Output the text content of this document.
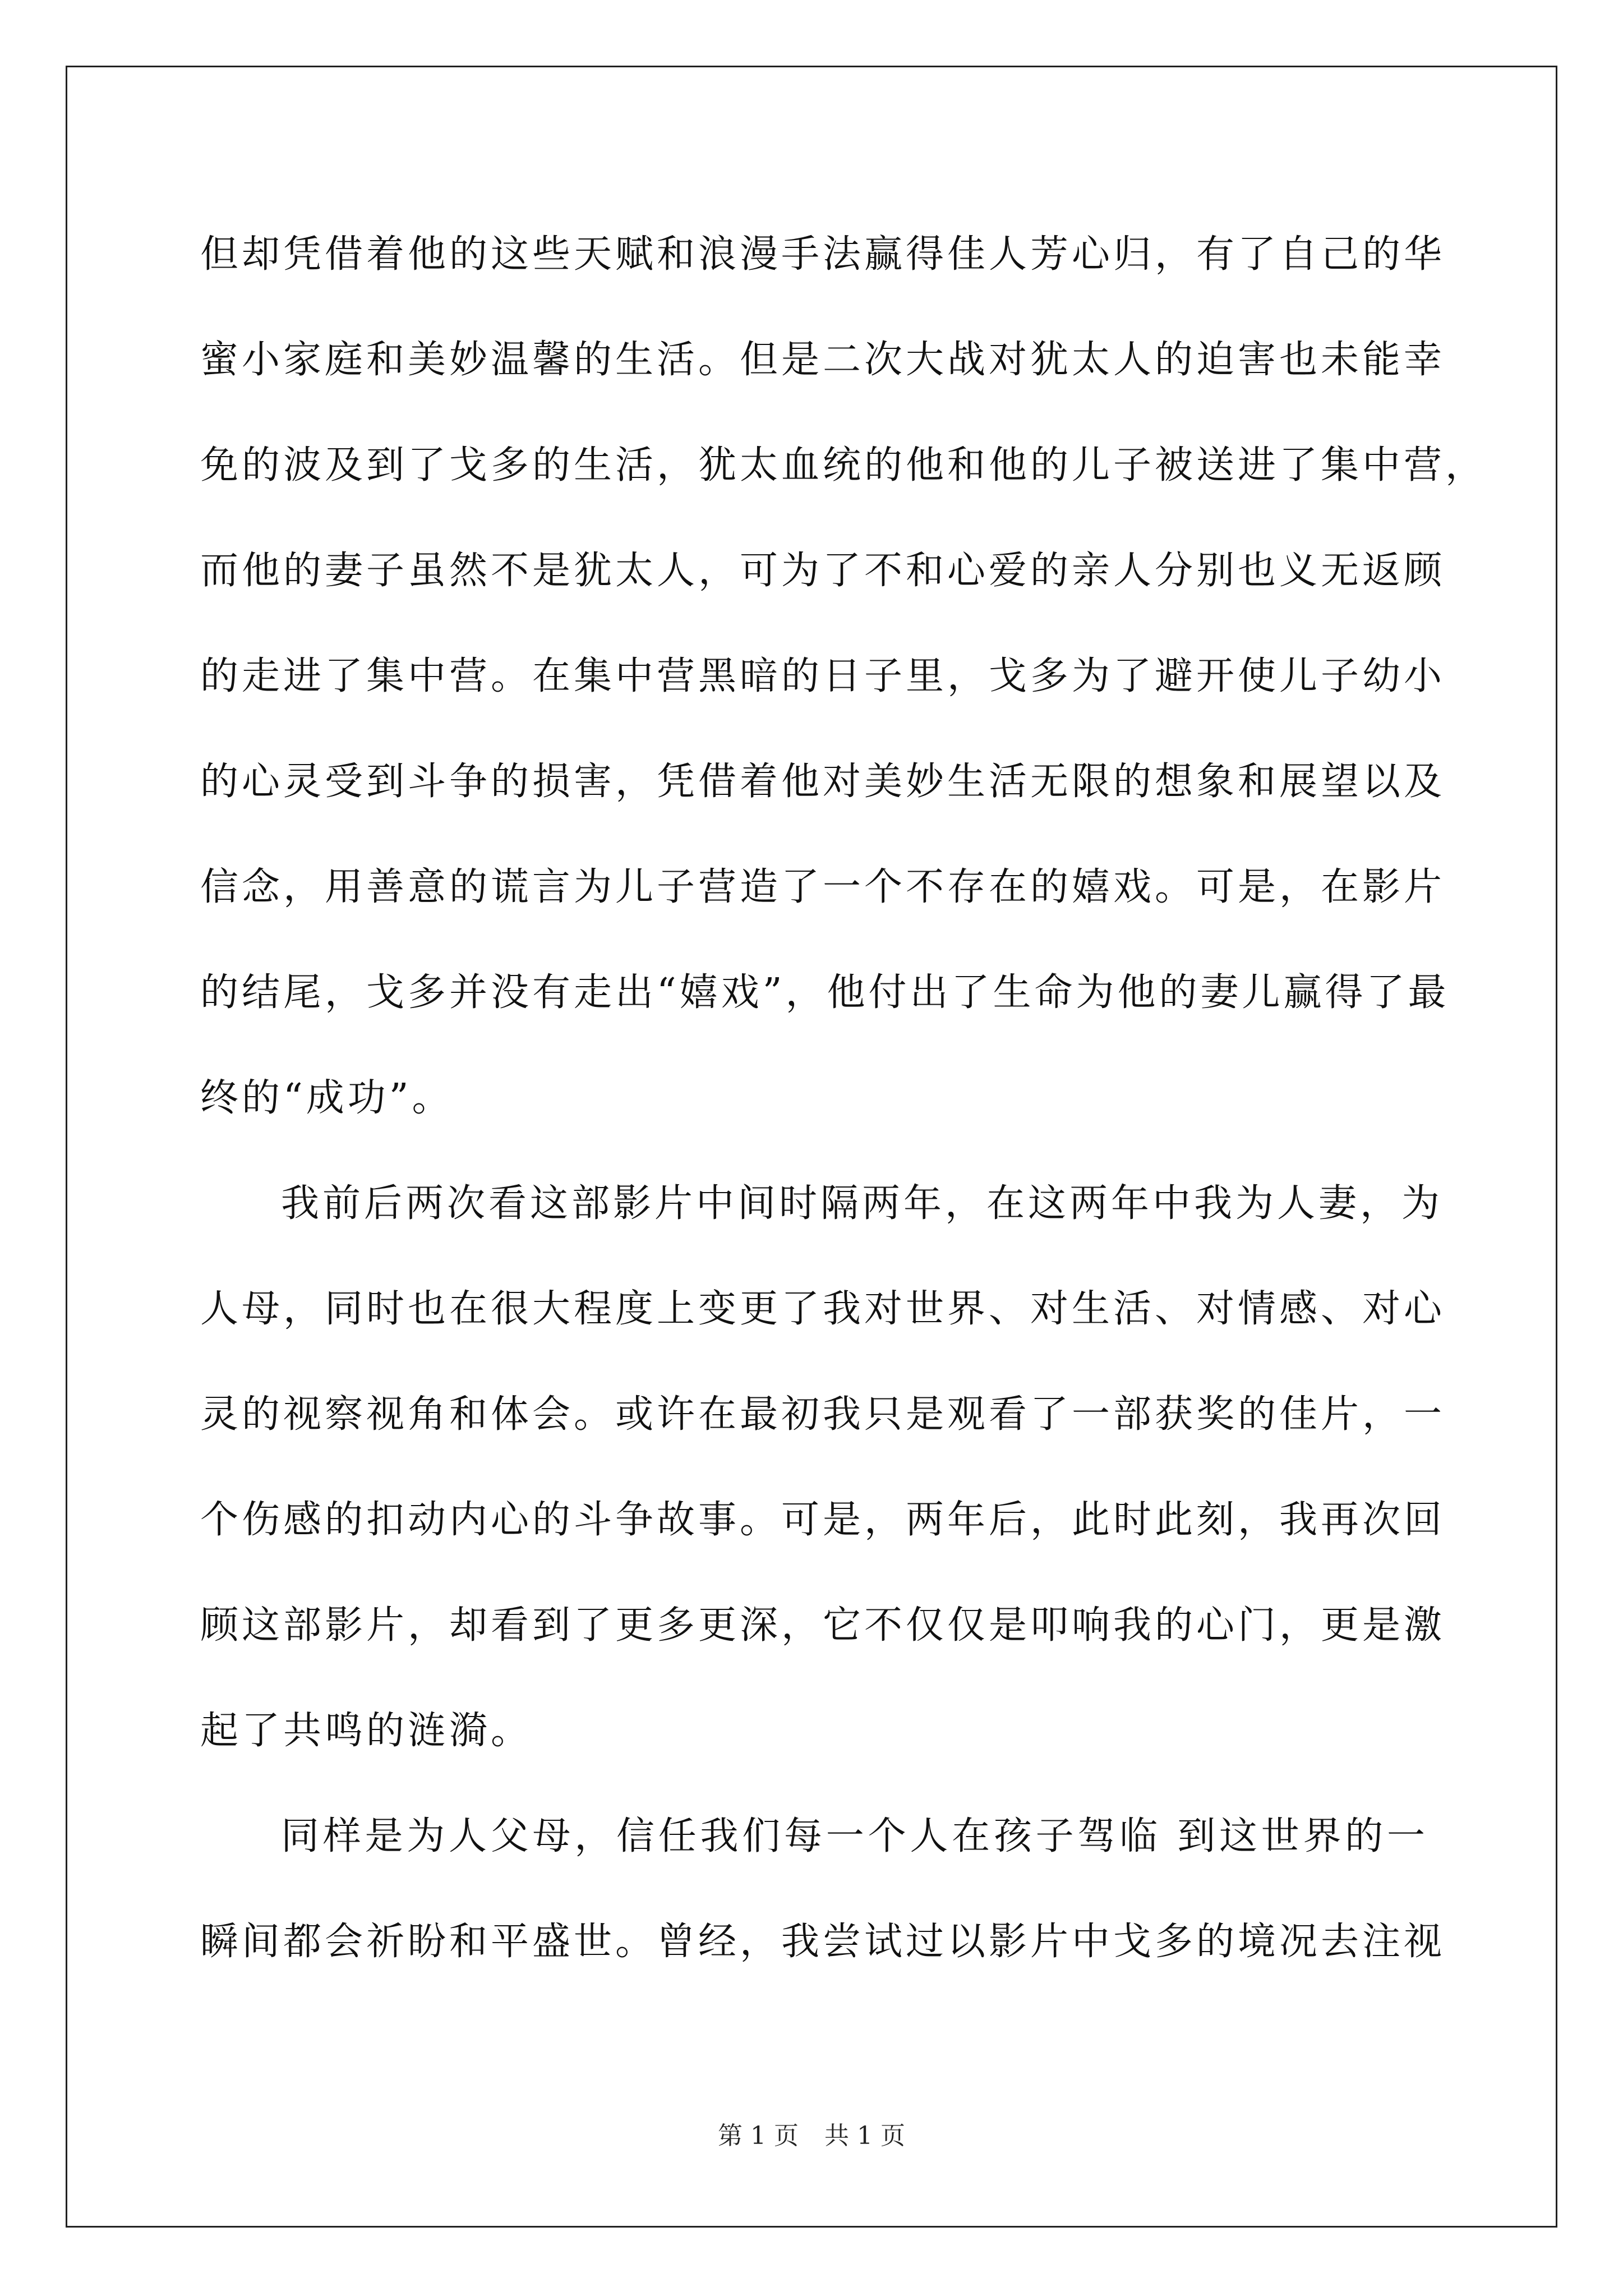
但却凭借着他的这些天赋和浪漫手法赢得佳人芳心归，有了自己的华
蜜小家庭和美妙温馨的生活。但是二次大战对犹太人的迫害也未能幸
免的波及到了戈多的生活，犹太血统的他和他的儿子被送进了集中营，
而他的妻子虽然不是犹太人，可为了不和心爱的亲人分别也义无返顾
的走进了集中营。在集中营黑暗的日子里，戈多为了避开使儿子幼小
的心灵受到斗争的损害，凭借着他对美妙生活无限的想象和展望以及
信念，用善意的谎言为儿子营造了一个不存在的嬉戏。可是，在影片
的结尾，戈多并没有走出“嬉戏”，他付出了生命为他的妻儿赢得了最
终的“成功”。
我前后两次看这部影片中间时隔两年，在这两年中我为人妻，为
人母，同时也在很大程度上变更了我对世界、对生活、对情感、对心
灵的视察视角和体会。或许在最初我只是观看了一部获奖的佳片，一
个伤感的扣动内心的斗争故事。可是，两年后，此时此刻，我再次回
顾这部影片，却看到了更多更深，它不仅仅是叩响我的心门，更是激
起了共鸣的涟漪。
同样是为人父母，信任我们每一个人在孩子驾临 到这世界的一
瞬间都会祈盼和平盛世。曾经，我尝试过以影片中戈多的境况去注视
第 1 页 共 1 页
